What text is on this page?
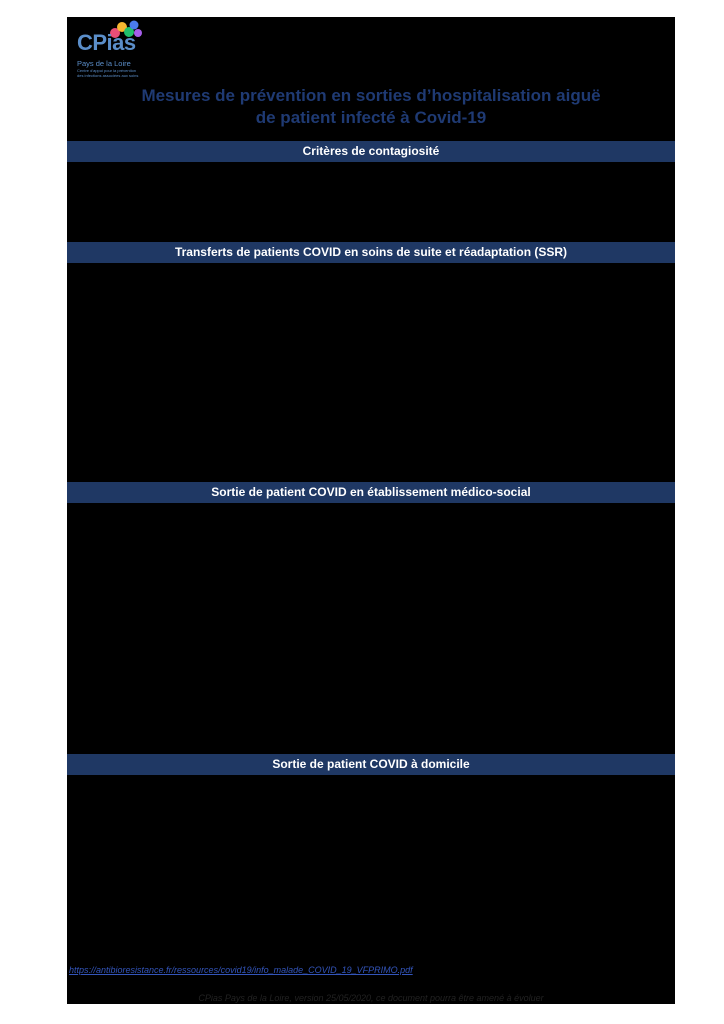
CPias
Pays de la Loire
Centre d'appui pour la prévention des infections associées aux soins
Mesures de prévention en sorties d’hospitalisation aiguë
de patient infecté à Covid-19
Critères de contagiosité
Transferts de patients COVID en soins de suite et réadaptation (SSR)
Sortie de patient COVID en établissement médico-social
Sortie de patient COVID à domicile
https://antibioresistance.fr/ressources/covid19/info_malade_COVID_19_VFPRIMO.pdf
CPias Pays de la Loire, version 25/05/2020, ce document pourra être amené à évoluer
